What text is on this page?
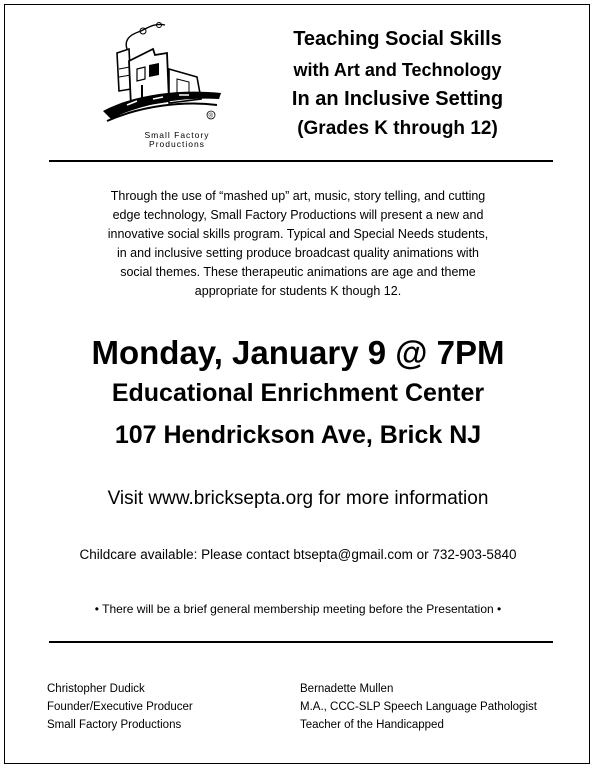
®
Small Factory
Productions
Teaching Social Skills
with Art and Technology
In an Inclusive Setting
(Grades K through 12)
Through the use of “mashed up” art, music, story telling, and cutting
edge technology, Small Factory Productions will present a new and
innovative social skills program. Typical and Special Needs students,
in and inclusive setting produce broadcast quality animations with
social themes. These therapeutic animations are age and theme
appropriate for students K though 12.
Monday, January 9 @ 7PM
Educational Enrichment Center
107 Hendrickson Ave, Brick NJ
Visit www.bricksepta.org for more information
Childcare available: Please contact btsepta@gmail.com or 732-903-5840
• There will be a brief general membership meeting before the Presentation •
Christopher Dudick
Founder/Executive Producer
Small Factory Productions
Bernadette Mullen
M.A., CCC-SLP Speech Language Pathologist
Teacher of the Handicapped
